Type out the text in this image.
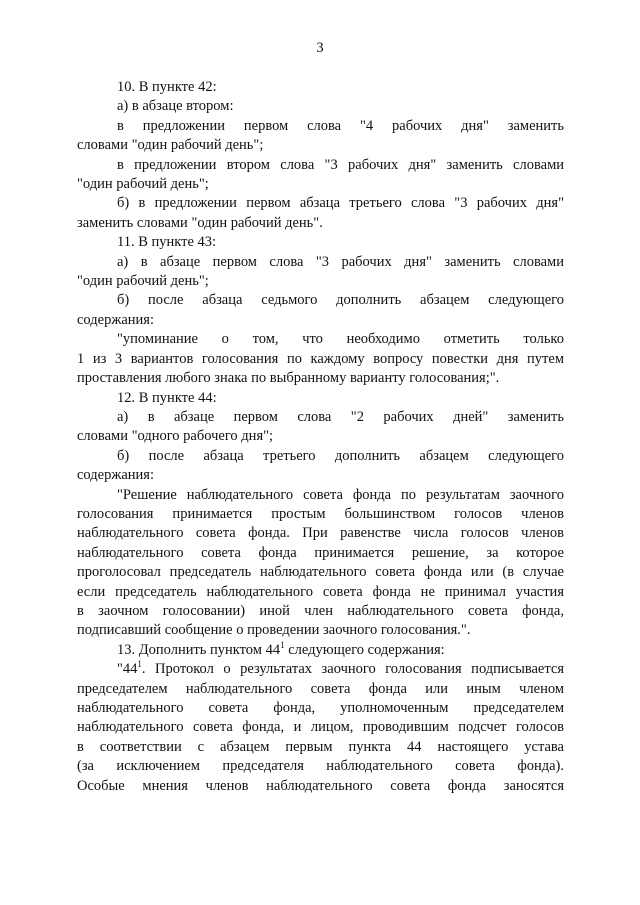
3
10. В пункте 42:
а) в абзаце втором:
в предложении первом слова "4 рабочих дня" заменить
словами "один рабочий день";
в предложении втором слова "3 рабочих дня" заменить словами
"один рабочий день";
б) в предложении первом абзаца третьего слова "3 рабочих дня"
заменить словами "один рабочий день".
11. В пункте 43:
а) в абзаце первом слова "3 рабочих дня" заменить словами
"один рабочий день";
б) после абзаца седьмого дополнить абзацем следующего
содержания:
"упоминание о том, что необходимо отметить только
1 из 3 вариантов голосования по каждому вопросу повестки дня путем
проставления любого знака по выбранному варианту голосования;".
12. В пункте 44:
а) в абзаце первом слова "2 рабочих дней" заменить
словами "одного рабочего дня";
б) после абзаца третьего дополнить абзацем следующего
содержания:
"Решение наблюдательного совета фонда по результатам заочного
голосования принимается простым большинством голосов членов
наблюдательного совета фонда. При равенстве числа голосов членов
наблюдательного совета фонда принимается решение, за которое
проголосовал председатель наблюдательного совета фонда или (в случае
если председатель наблюдательного совета фонда не принимал участия
в заочном голосовании) иной член наблюдательного совета фонда,
подписавший сообщение о проведении заочного голосования.".
13. Дополнить пунктом $44^1$ следующего содержания:
"$44^1$. Протокол о результатах заочного голосования подписывается
председателем наблюдательного совета фонда или иным членом
наблюдательного совета фонда, уполномоченным председателем
наблюдательного совета фонда, и лицом, проводившим подсчет голосов
в соответствии с абзацем первым пункта 44 настоящего устава
(за исключением председателя наблюдательного совета фонда).
Особые мнения членов наблюдательного совета фонда заносятся
